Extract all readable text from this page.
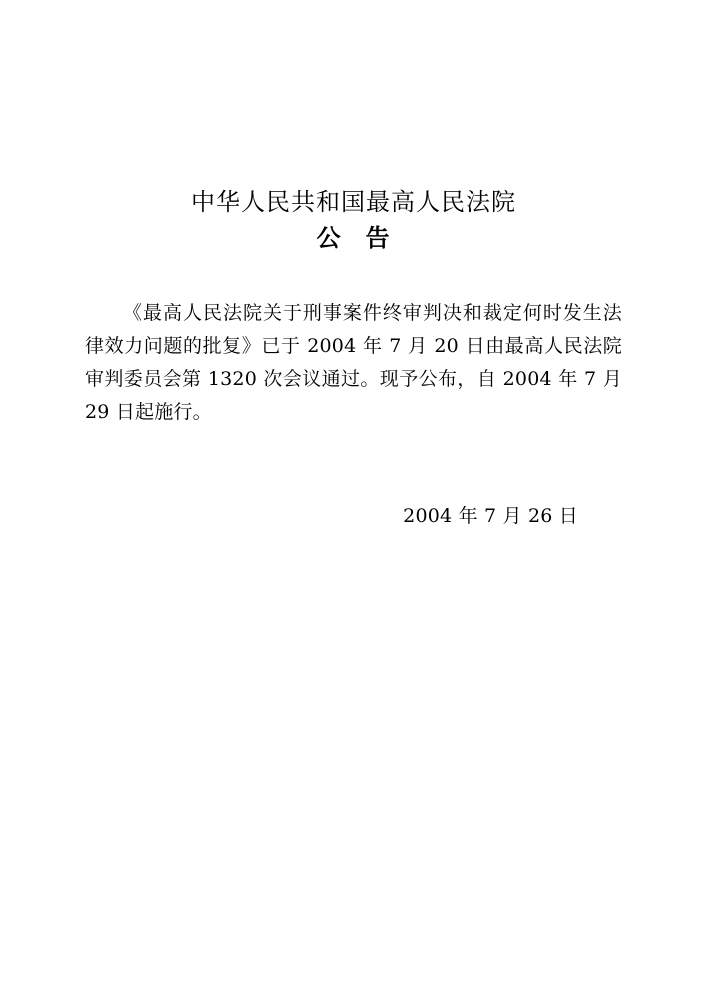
中华人民共和国最高人民法院
公 告

《最高人民法院关于刑事案件终审判决和裁定何时发生法律效力问题的批复》已于 2004 年 7 月 20 日由最高人民法院审判委员会第 1320 次会议通过。现予公布，自 2004 年 7 月 29 日起施行。

2004 年 7 月 26 日
